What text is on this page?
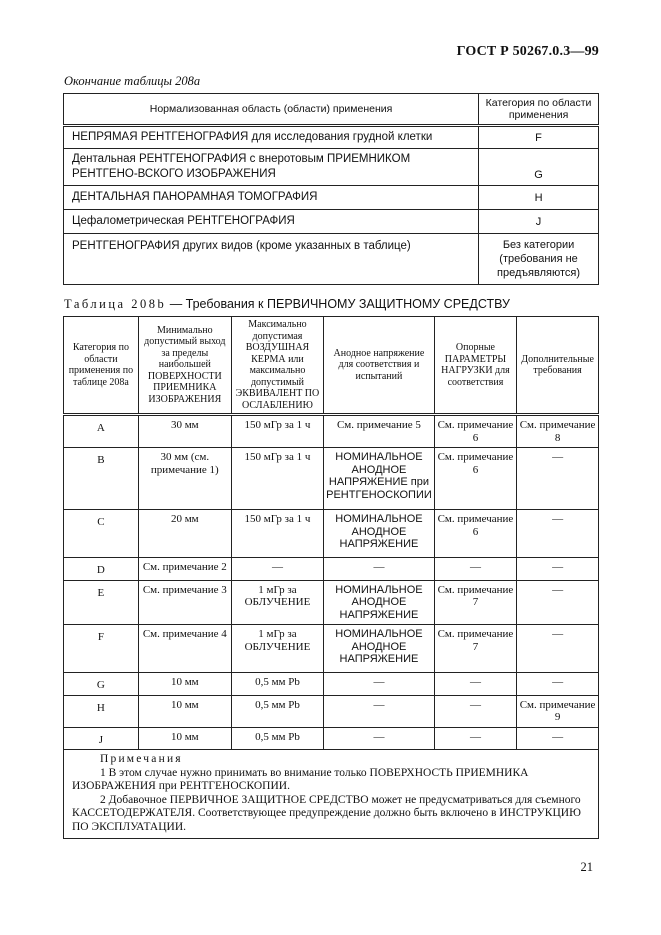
ГОСТ Р 50267.0.3—99
Окончание таблицы 208а
Нормализованная область (области) применения	Категория по области применения
НЕПРЯМАЯ РЕНТГЕНОГРАФИЯ для исследования грудной клетки	F
Дентальная РЕНТГЕНОГРАФИЯ с внеротовым ПРИЕМНИКОМ РЕНТГЕНО-ВСКОГО ИЗОБРАЖЕНИЯ	G
ДЕНТАЛЬНАЯ ПАНОРАМНАЯ ТОМОГРАФИЯ	H
Цефалометрическая РЕНТГЕНОГРАФИЯ	J
РЕНТГЕНОГРАФИЯ других видов (кроме указанных в таблице)	Без категории (требования не предъявляются)
Таблица 208b — Требования к ПЕРВИЧНОМУ ЗАЩИТНОМУ СРЕДСТВУ
Категория по области применения по таблице 208а	Минимально допустимый выход за пределы наибольшей ПОВЕРХНОСТИ ПРИЕМНИКА ИЗОБРАЖЕНИЯ	Максимально допустимая ВОЗДУШНАЯ КЕРМА или максимально допустимый ЭКВИВАЛЕНТ ПО ОСЛАБЛЕНИЮ	Анодное напряжение для соответствия и испытаний	Опорные ПАРАМЕТРЫ НАГРУЗКИ для соответствия	Дополнительные требования
A	30 мм	150 мГр за 1 ч	См. примечание 5	См. примечание 6	См. примечание 8
B	30 мм (см. примечание 1)	150 мГр за 1 ч	НОМИНАЛЬНОЕ АНОДНОЕ НАПРЯЖЕНИЕ при РЕНТГЕНОСКОПИИ	См. примечание 6	—
C	20 мм	150 мГр за 1 ч	НОМИНАЛЬНОЕ АНОДНОЕ НАПРЯЖЕНИЕ	См. примечание 6	—
D	См. примечание 2	—	—	—	—
E	См. примечание 3	1 мГр за ОБЛУЧЕНИЕ	НОМИНАЛЬНОЕ АНОДНОЕ НАПРЯЖЕНИЕ	См. примечание 7	—
F	См. примечание 4	1 мГр за ОБЛУЧЕНИЕ	НОМИНАЛЬНОЕ АНОДНОЕ НАПРЯЖЕНИЕ	См. примечание 7	—
G	10 мм	0,5 мм Pb	—	—	—
H	10 мм	0,5 мм Pb	—	—	См. примечание 9
J	10 мм	0,5 мм Pb	—	—	—

Примечания
1 В этом случае нужно принимать во внимание только ПОВЕРХНОСТЬ ПРИЕМНИКА ИЗОБРАЖЕНИЯ при РЕНТГЕНОСКОПИИ.
2 Добавочное ПЕРВИЧНОЕ ЗАЩИТНОЕ СРЕДСТВО может не предусматриваться для съемного КАССЕТОДЕРЖАТЕЛЯ. Соответствующее предупреждение должно быть включено в ИНСТРУКЦИЮ ПО ЭКСПЛУАТАЦИИ.					
21
